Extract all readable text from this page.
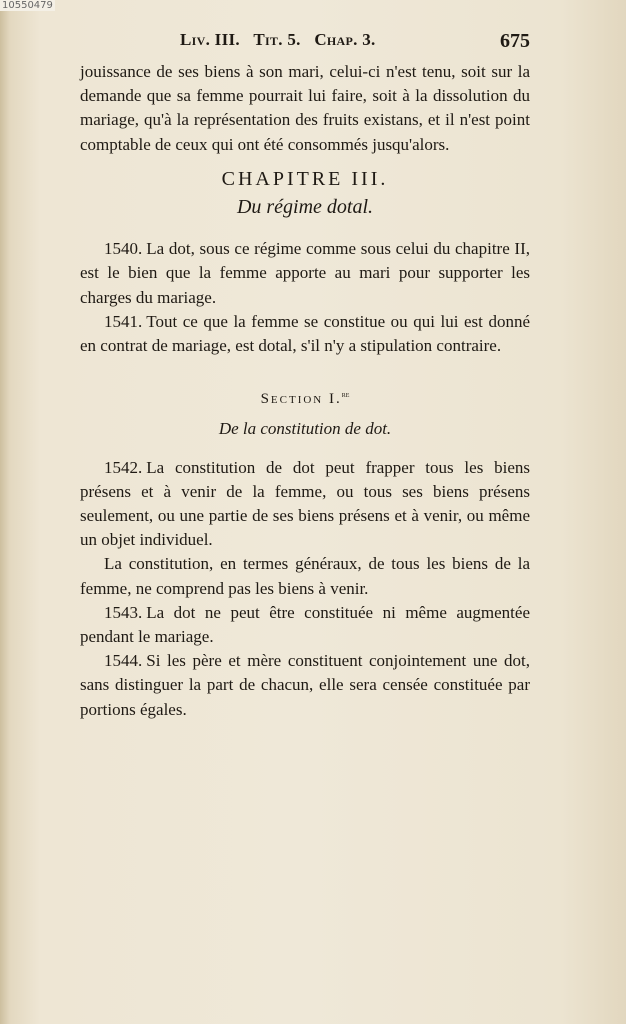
10550479
Liv. III.   Tit. 5.   Chap. 3.	675

jouissance de ses biens à son mari, celui-ci n'est tenu, soit sur la demande que sa femme pourrait lui faire, soit à la dissolution du mariage, qu'à la représentation des fruits existans, et il n'est point comptable de ceux qui ont été consommés jusqu'alors.

CHAPITRE III.
Du régime dotal.

1540. La dot, sous ce régime comme sous celui du chapitre II, est le bien que la femme apporte au mari pour supporter les charges du mariage.

1541. Tout ce que la femme se constitue ou qui lui est donné en contrat de mariage, est dotal, s'il n'y a stipulation contraire.

Section I.$^{re}$
De la constitution de dot.

1542. La constitution de dot peut frapper tous les biens présens et à venir de la femme, ou tous ses biens présens seulement, ou une partie de ses biens présens et à venir, ou même un objet individuel.

La constitution, en termes généraux, de tous les biens de la femme, ne comprend pas les biens à venir.

1543. La dot ne peut être constituée ni même augmentée pendant le mariage.

1544. Si les père et mère constituent conjointement une dot, sans distinguer la part de chacun, elle sera censée constituée par portions égales.
